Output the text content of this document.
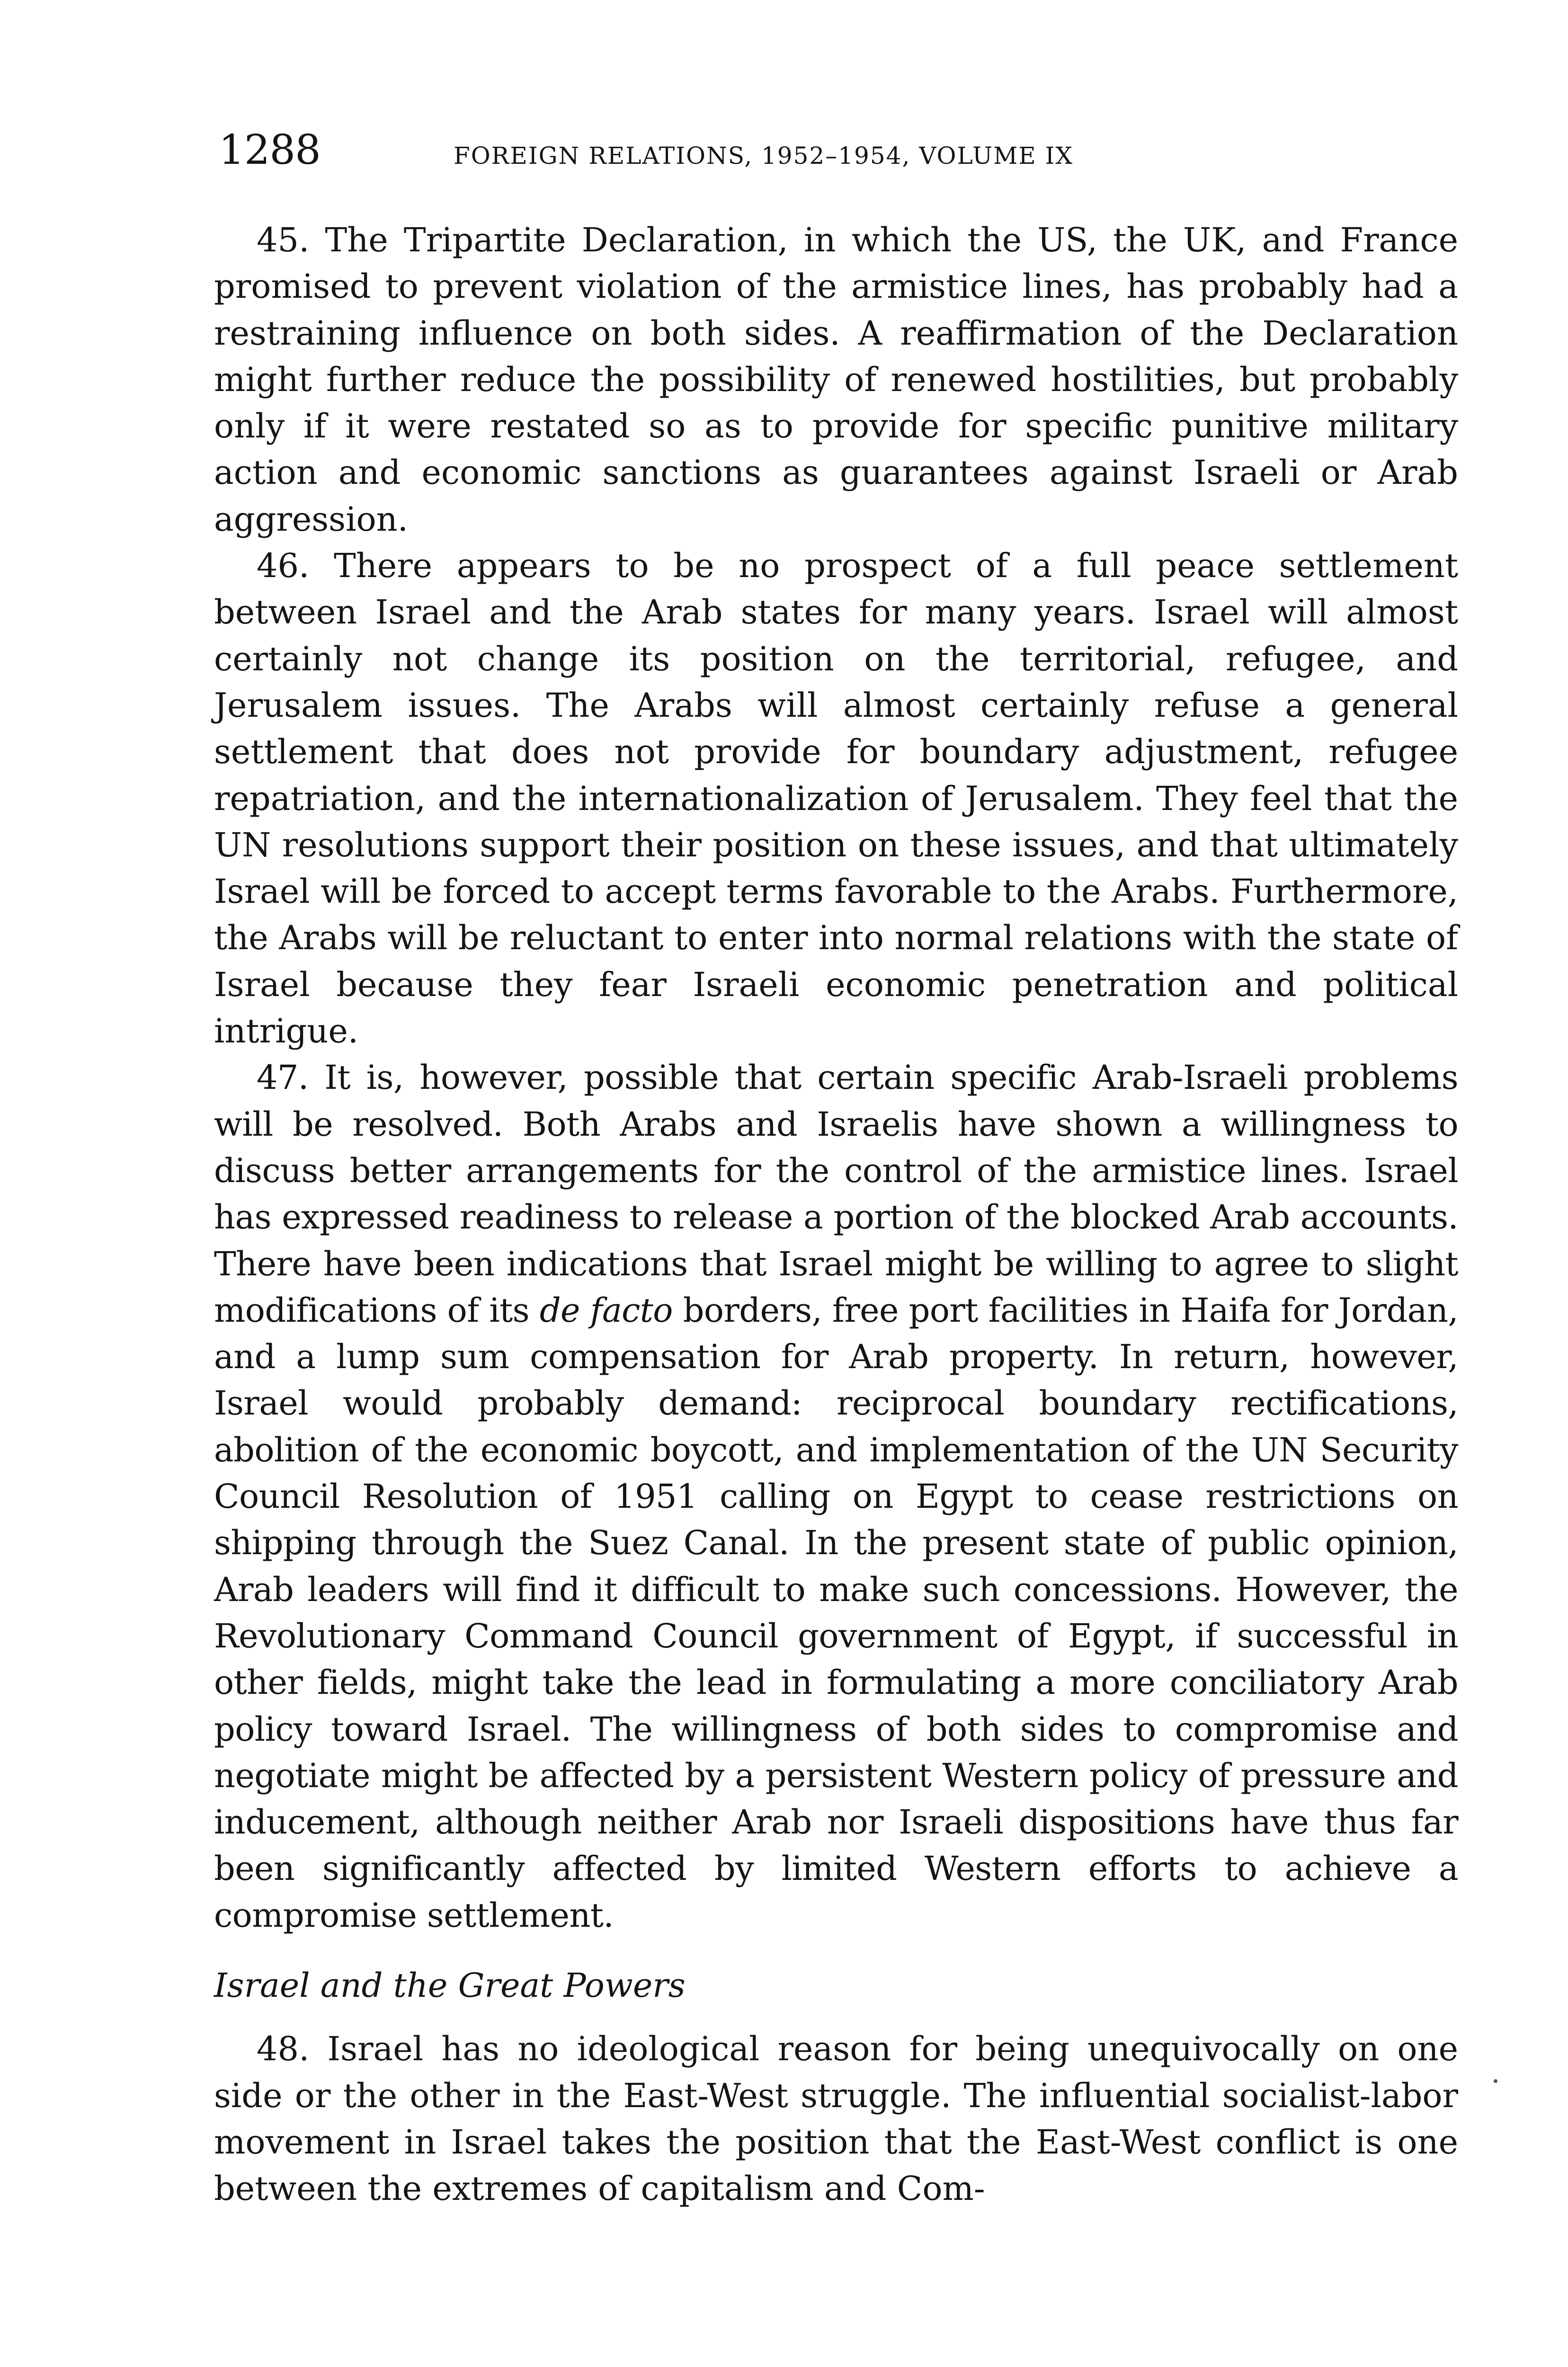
1288	FOREIGN RELATIONS, 1952–1954, VOLUME IX

45. The Tripartite Declaration, in which the US, the UK, and France promised to prevent violation of the armistice lines, has probably had a restraining influence on both sides. A reaffirmation of the Declaration might further reduce the possibility of renewed hostilities, but probably only if it were restated so as to provide for specific punitive military action and economic sanctions as guarantees against Israeli or Arab aggression.

46. There appears to be no prospect of a full peace settlement between Israel and the Arab states for many years. Israel will almost certainly not change its position on the territorial, refugee, and Jerusalem issues. The Arabs will almost certainly refuse a general settlement that does not provide for boundary adjustment, refugee repatriation, and the internationalization of Jerusalem. They feel that the UN resolutions support their position on these issues, and that ultimately Israel will be forced to accept terms favorable to the Arabs. Furthermore, the Arabs will be reluctant to enter into normal relations with the state of Israel because they fear Israeli economic penetration and political intrigue.

47. It is, however, possible that certain specific Arab-Israeli problems will be resolved. Both Arabs and Israelis have shown a willingness to discuss better arrangements for the control of the armistice lines. Israel has expressed readiness to release a portion of the blocked Arab accounts. There have been indications that Israel might be willing to agree to slight modifications of its de facto borders, free port facilities in Haifa for Jordan, and a lump sum compensation for Arab property. In return, however, Israel would probably demand: reciprocal boundary rectifications, abolition of the economic boycott, and implementation of the UN Security Council Resolution of 1951 calling on Egypt to cease restrictions on shipping through the Suez Canal. In the present state of public opinion, Arab leaders will find it difficult to make such concessions. However, the Revolutionary Command Council government of Egypt, if successful in other fields, might take the lead in formulating a more conciliatory Arab policy toward Israel. The willingness of both sides to compromise and negotiate might be affected by a persistent Western policy of pressure and inducement, although neither Arab nor Israeli dispositions have thus far been significantly affected by limited Western efforts to achieve a compromise settlement.

Israel and the Great Powers

48. Israel has no ideological reason for being unequivocally on one side or the other in the East-West struggle. The influential socialist-labor movement in Israel takes the position that the East-West conflict is one between the extremes of capitalism and Com-
